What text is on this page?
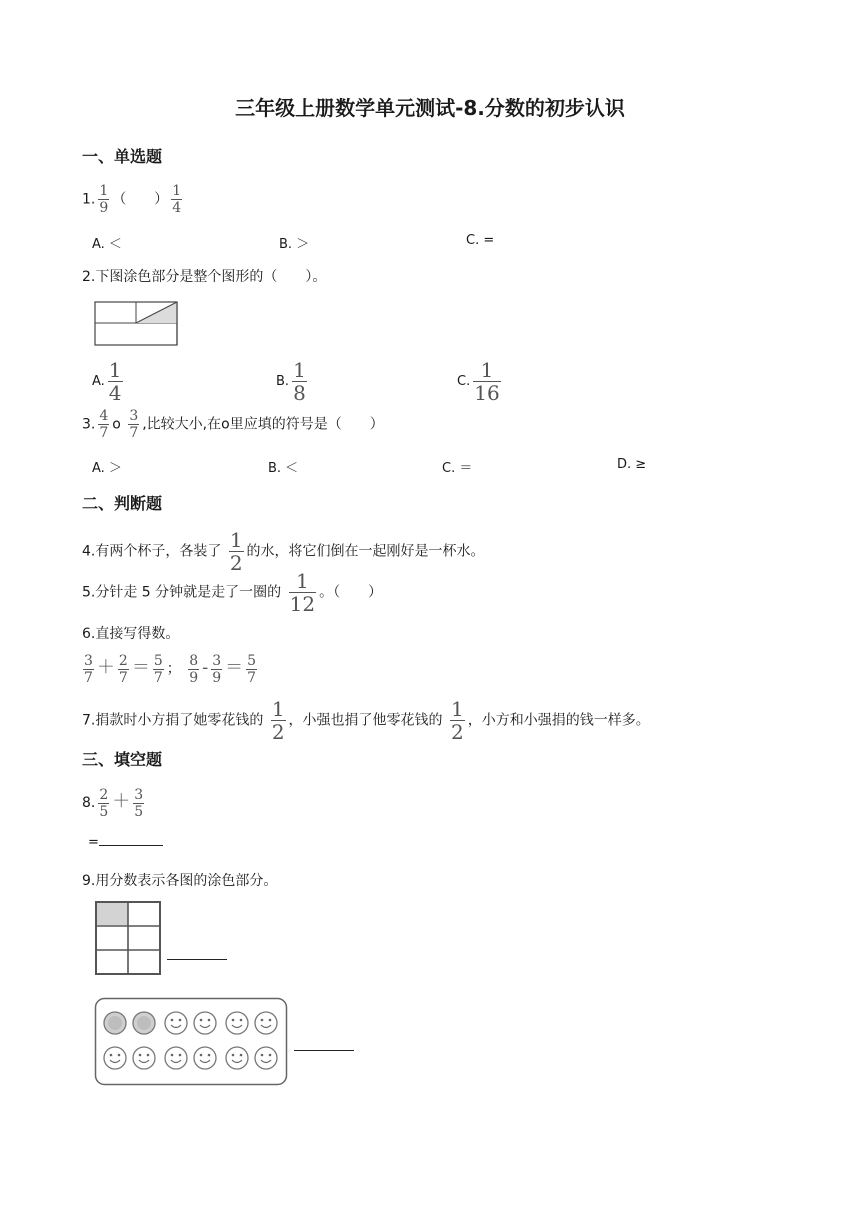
三年级上册数学单元测试-8.分数的初步认识
一、单选题
1. $\frac{1}{9}$ （　　） $\frac{1}{4}$
A. ＜	B. ＞	C. =
2.下图涂色部分是整个图形的（　　）。
A. $\frac{1}{4}$	B. $\frac{1}{8}$	C. $\frac{1}{16}$
3. $\frac{4}{7}$ o $\frac{3}{7}$ ,比较大小,在o里应填的符号是（　　）
A. ＞	B. ＜	C. ＝	D. ≥
二、判断题
4.有两个杯子，各装了 $\frac{1}{2}$ 的水，将它们倒在一起刚好是一杯水。
5.分针走 5 分钟就是走了一圈的 $\frac{1}{12}$ 。（　　）
6.直接写得数。
$\frac{3}{7} + \frac{2}{7} = \frac{5}{7}$ ； $\frac{8}{9} - \frac{3}{9} = \frac{5}{7}$
7.捐款时小方捐了她零花钱的 $\frac{1}{2}$ ，小强也捐了他零花钱的 $\frac{1}{2}$ ，小方和小强捐的钱一样多。
三、填空题
8. $\frac{2}{5} + \frac{3}{5}$
=
9.用分数表示各图的涂色部分。
